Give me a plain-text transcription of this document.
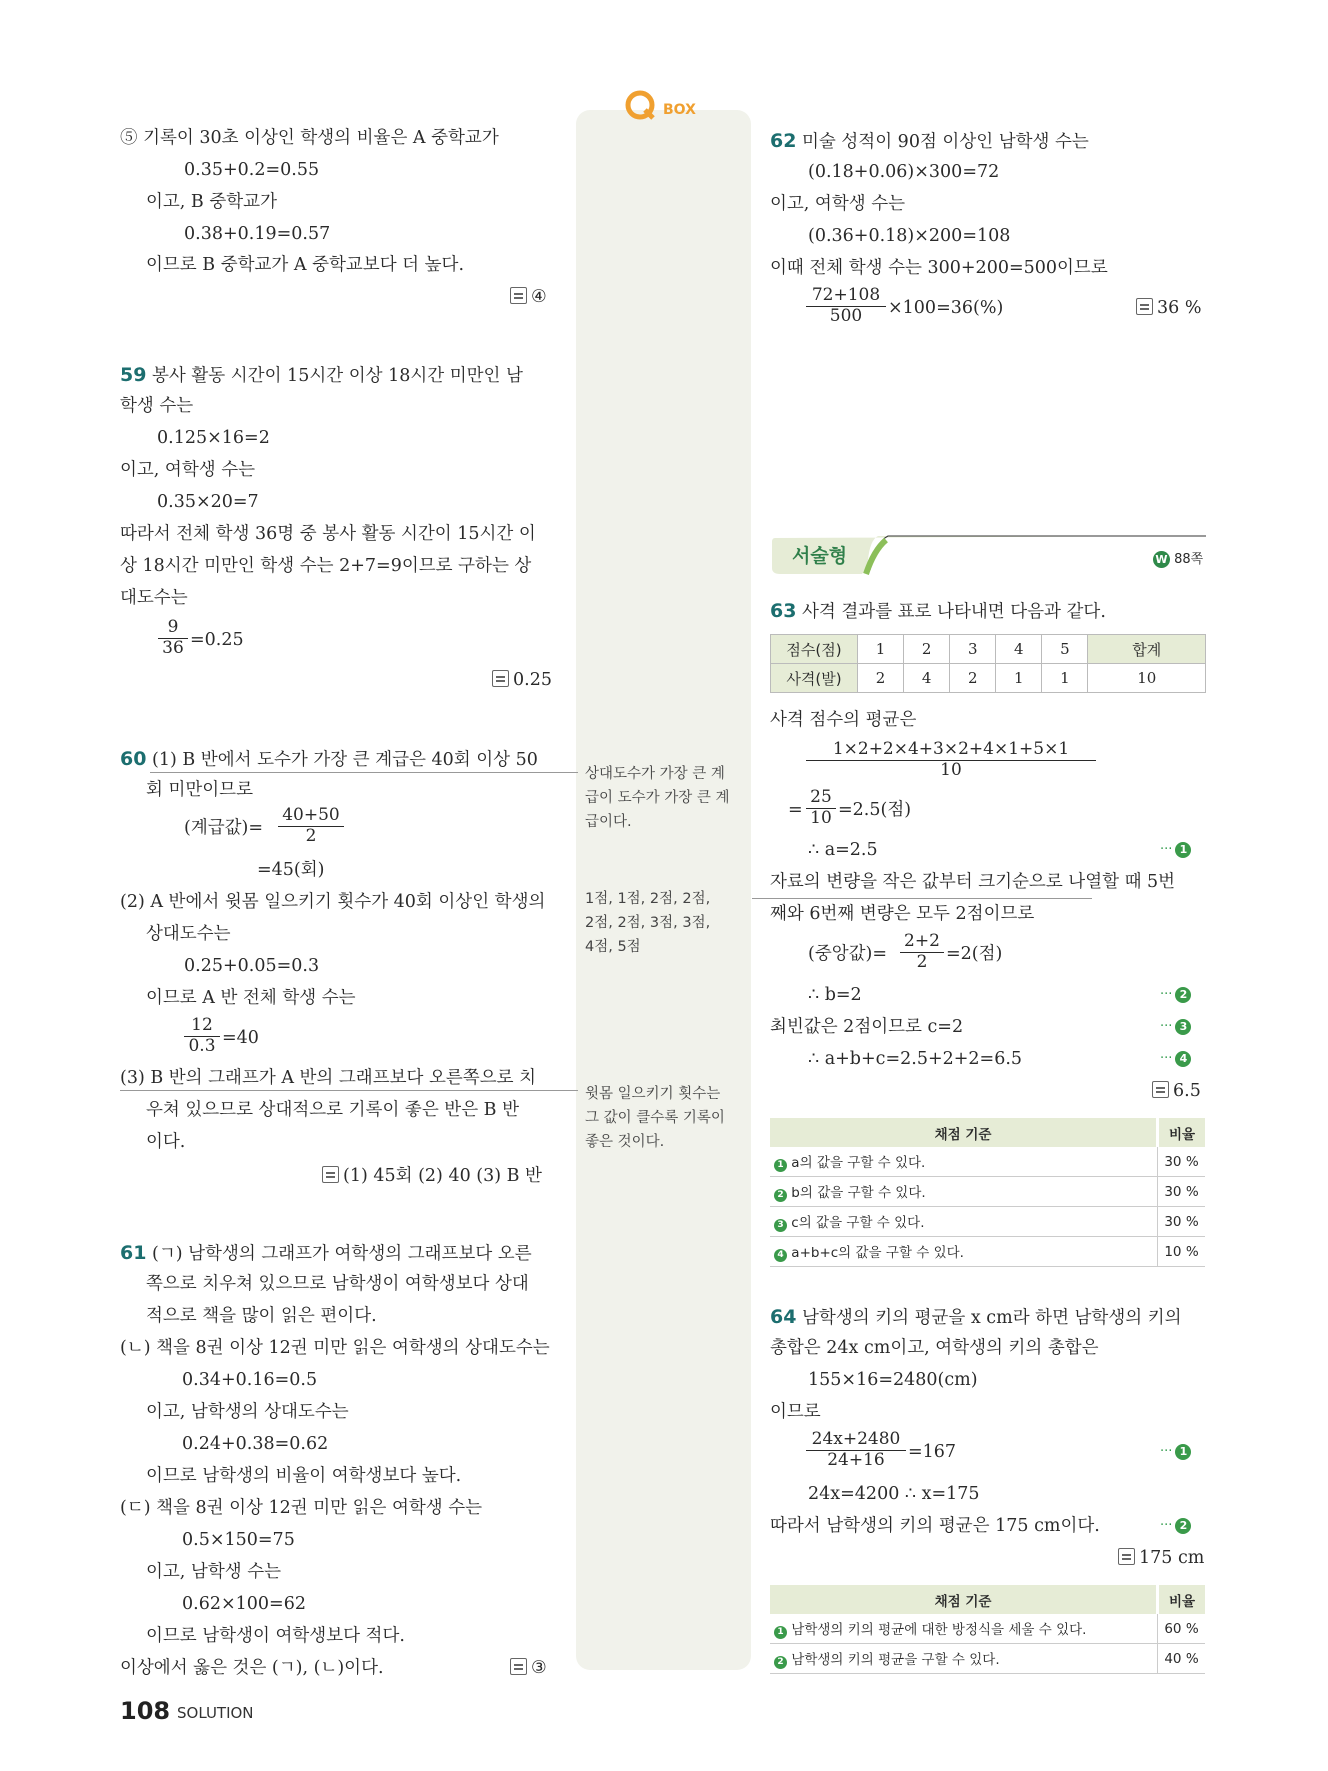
BOX
상대도수가 가장 큰 계
급이 도수가 가장 큰 계
급이다.
1점, 1점, 2점, 2점,
2점, 2점, 3점, 3점,
4점, 5점
윗몸 일으키기 횟수는
그 값이 클수록 기록이
좋은 것이다.
⑤ 기록이 30초 이상인 학생의 비율은 A 중학교가
0.35+0.2=0.55
이고, B 중학교가
0.38+0.19=0.57
이므로 B 중학교가 A 중학교보다 더 높다.
④
59 봉사 활동 시간이 15시간 이상 18시간 미만인 남
학생 수는
0.125×16=2
이고, 여학생 수는
0.35×20=7
따라서 전체 학생 36명 중 봉사 활동 시간이 15시간 이
상 18시간 미만인 학생 수는 2+7=9이므로 구하는 상
대도수는
$\frac{9}{36} =0.25$
0.25
60 (1) B 반에서 도수가 가장 큰 계급은 40회 이상 50
회 미만이므로
(계급값)= $\frac{40+50}{2}$
=45(회)
(2) A 반에서 윗몸 일으키기 횟수가 40회 이상인 학생의
상대도수는
0.25+0.05=0.3
이므로 A 반 전체 학생 수는
$\frac{12}{0.3} =40$
(3) B 반의 그래프가 A 반의 그래프보다 오른쪽으로 치
우쳐 있으므로 상대적으로 기록이 좋은 반은 B 반
이다.
(1) 45회 (2) 40 (3) B 반
61 (ㄱ) 남학생의 그래프가 여학생의 그래프보다 오른
쪽으로 치우쳐 있으므로 남학생이 여학생보다 상대
적으로 책을 많이 읽은 편이다.
(ㄴ) 책을 8권 이상 12권 미만 읽은 여학생의 상대도수는
0.34+0.16=0.5
이고, 남학생의 상대도수는
0.24+0.38=0.62
이므로 남학생의 비율이 여학생보다 높다.
(ㄷ) 책을 8권 이상 12권 미만 읽은 여학생 수는
0.5×150=75
이고, 남학생 수는
0.62×100=62
이므로 남학생이 여학생보다 적다.
이상에서 옳은 것은 (ㄱ), (ㄴ)이다.	③
62 미술 성적이 90점 이상인 남학생 수는
(0.18+0.06)×300=72
이고, 여학생 수는
(0.36+0.18)×200=108
이때 전체 학생 수는 300+200=500이므로
$\frac{72+108}{500} \times 100=36(\%)$	36 %
서술형	W 88쪽
63 사격 결과를 표로 나타내면 다음과 같다.
점수(점)	1	2	3	4	5	합계
사격(발)	2	4	2	1	1	10
사격 점수의 평균은
$\frac{1\times 2+2\times 4+3\times 2+4\times 1+5\times 1}{10}$
= $\frac{25}{10} =2.5$(점)
∴ a=2.5	··· 1
자료의 변량을 작은 값부터 크기순으로 나열할 때 5번
째와 6번째 변량은 모두 2점이므로
(중앙값)= $\frac{2+2}{2} =2$(점)
∴ b=2	··· 2
최빈값은 2점이므로 c=2	··· 3
∴ a+b+c=2.5+2+2=6.5	··· 4
6.5
채점 기준	비율
1 a의 값을 구할 수 있다.	30 %
2 b의 값을 구할 수 있다.	30 %
3 c의 값을 구할 수 있다.	30 %
4 a+b+c의 값을 구할 수 있다.	10 %
64 남학생의 키의 평균을 x cm라 하면 남학생의 키의
총합은 24x cm이고, 여학생의 키의 총합은
155×16=2480(cm)
이므로
$\frac{24x+2480}{24+16} =167$	··· 1
24x=4200 ∴ x=175
따라서 남학생의 키의 평균은 175 cm이다.	··· 2
175 cm
채점 기준	비율
1 남학생의 키의 평균에 대한 방정식을 세울 수 있다.	60 %
2 남학생의 키의 평균을 구할 수 있다.	40 %
108 SOLUTION
